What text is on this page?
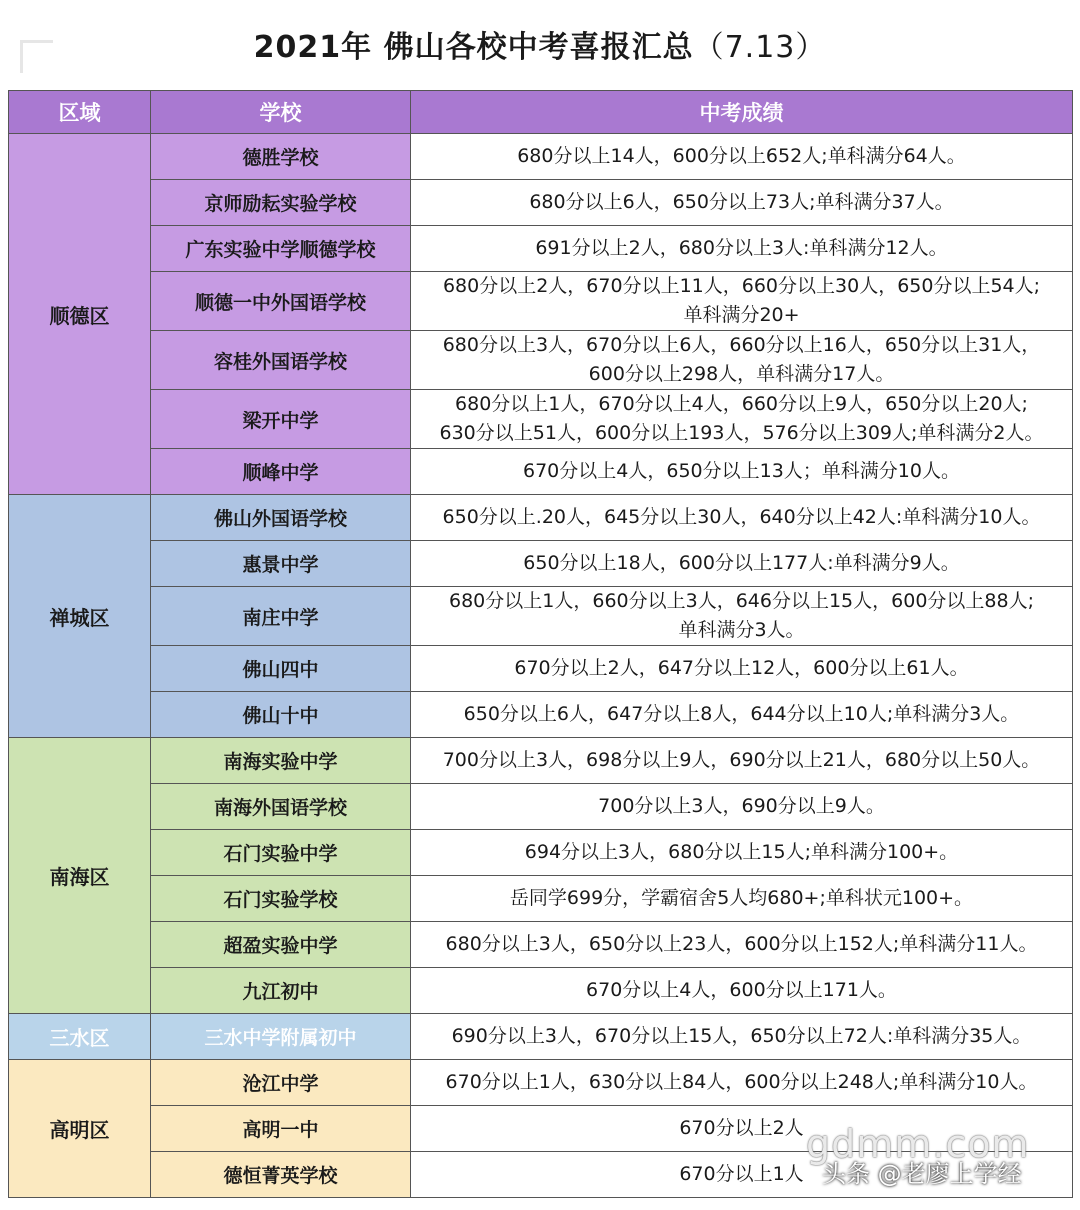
2021年 佛山各校中考喜报汇总（7.13）
区域	学校	中考成绩
顺德区	德胜学校	680分以上14人，600分以上652人;单科满分64人。

	京师励耘实验学校	680分以上6人，650分以上73人;单科满分37人。

	广东实验中学顺德学校	691分以上2人，680分以上3人:单科满分12人。

	顺德一中外国语学校	680分以上2人，670分以上11人，660分以上30人，650分以上54人;
单科满分20+

	容桂外国语学校	680分以上3人，670分以上6人，660分以上16人，650分以上31人，
600分以上298人，单科满分17人。

	梁开中学	680分以上1人，670分以上4人，660分以上9人，650分以上20人;
630分以上51人，600分以上193人，576分以上309人;单科满分2人。

	顺峰中学	670分以上4人，650分以上13人；单科满分10人。

禅城区	佛山外国语学校	650分以上.20人，645分以上30人，640分以上42人:单科满分10人。

	惠景中学	650分以上18人，600分以上177人:单科满分9人。

	南庄中学	680分以上1人，660分以上3人，646分以上15人，600分以上88人;
单科满分3人。

	佛山四中	670分以上2人，647分以上12人，600分以上61人。

	佛山十中	650分以上6人，647分以上8人，644分以上10人;单科满分3人。

南海区	南海实验中学	700分以上3人，698分以上9人，690分以上21人，680分以上50人。

	南海外国语学校	700分以上3人，690分以上9人。

	石门实验中学	694分以上3人，680分以上15人;单科满分100+。

	石门实验学校	岳同学699分，学霸宿舍5人均680+;单科状元100+。

	超盈实验中学	680分以上3人，650分以上23人，600分以上152人;单科满分11人。

	九江初中	670分以上4人，600分以上171人。

三水区	三水中学附属初中	690分以上3人，670分以上15人，650分以上72人:单科满分35人。

高明区	沧江中学	670分以上1人，630分以上84人，600分以上248人;单科满分10人。

	高明一中	670分以上2人

	德恒菁英学校	670分以上1人
gdmm.com
头条 @老廖上学经
